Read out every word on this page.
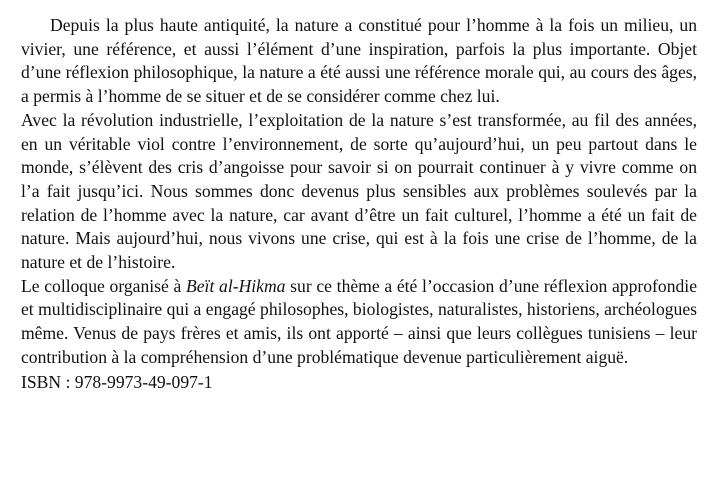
Depuis la plus haute antiquité, la nature a constitué pour l’homme à la fois un milieu, un vivier, une référence, et aussi l’élément d’une inspiration, parfois la plus importante. Objet d’une réflexion philosophique, la nature a été aussi une référence morale qui, au cours des âges, a permis à l’homme de se situer et de se considérer comme chez lui.

Avec la révolution industrielle, l’exploitation de la nature s’est transformée, au fil des années, en un véritable viol contre l’environnement, de sorte qu’aujourd’hui, un peu partout dans le monde, s’élèvent des cris d’angoisse pour savoir si on pourrait continuer à y vivre comme on l’a fait jusqu’ici. Nous sommes donc devenus plus sensibles aux problèmes soulevés par la relation de l’homme avec la nature, car avant d’être un fait culturel, l’homme a été un fait de nature. Mais aujourd’hui, nous vivons une crise, qui est à la fois une crise de l’homme, de la nature et de l’histoire.

Le colloque organisé à Beït al-Hikma sur ce thème a été l’occasion d’une réflexion approfondie et multidisciplinaire qui a engagé philosophes, biologistes, naturalistes, historiens, archéologues même. Venus de pays frères et amis, ils ont apporté – ainsi que leurs collègues tunisiens – leur contribution à la compréhension d’une problématique devenue particulièrement aiguë.

ISBN : 978-9973-49-097-1
